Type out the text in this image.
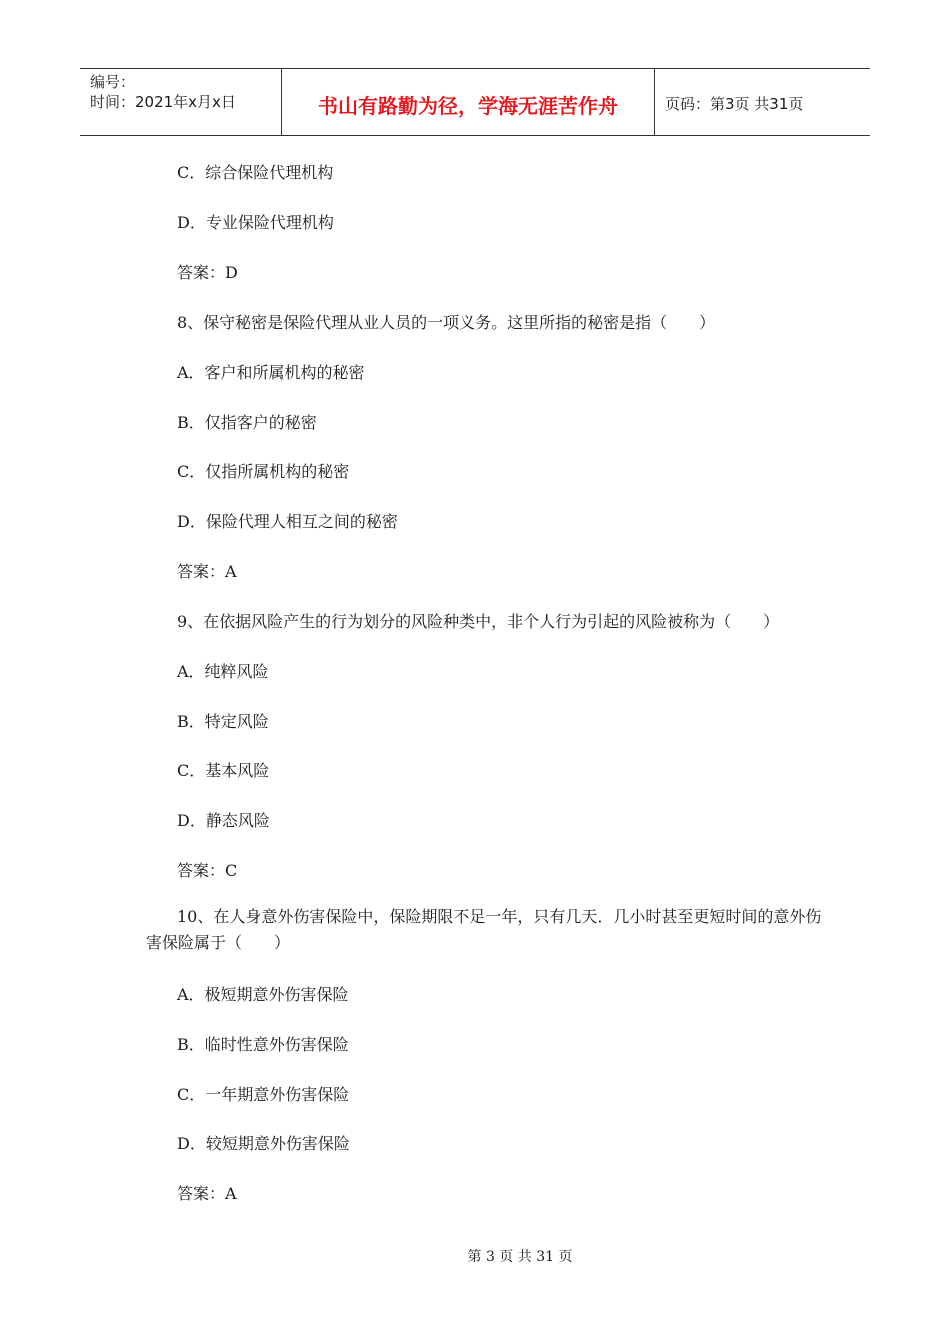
编号：
时间：2021年x月x日	书山有路勤为径，学海无涯苦作舟	页码：第3页 共31页
C．综合保险代理机构
D．专业保险代理机构
答案：D
8、保守秘密是保险代理从业人员的一项义务。这里所指的秘密是指（　　）
A．客户和所属机构的秘密
B．仅指客户的秘密
C．仅指所属机构的秘密
D．保险代理人相互之间的秘密
答案：A
9、在依据风险产生的行为划分的风险种类中，非个人行为引起的风险被称为（　　）
A．纯粹风险
B．特定风险
C．基本风险
D．静态风险
答案：C
10、在人身意外伤害保险中，保险期限不足一年，只有几天．几小时甚至更短时间的意外伤害保险属于（　　）
A．极短期意外伤害保险
B．临时性意外伤害保险
C．一年期意外伤害保险
D．较短期意外伤害保险
答案：A
第 3 页 共 31 页
